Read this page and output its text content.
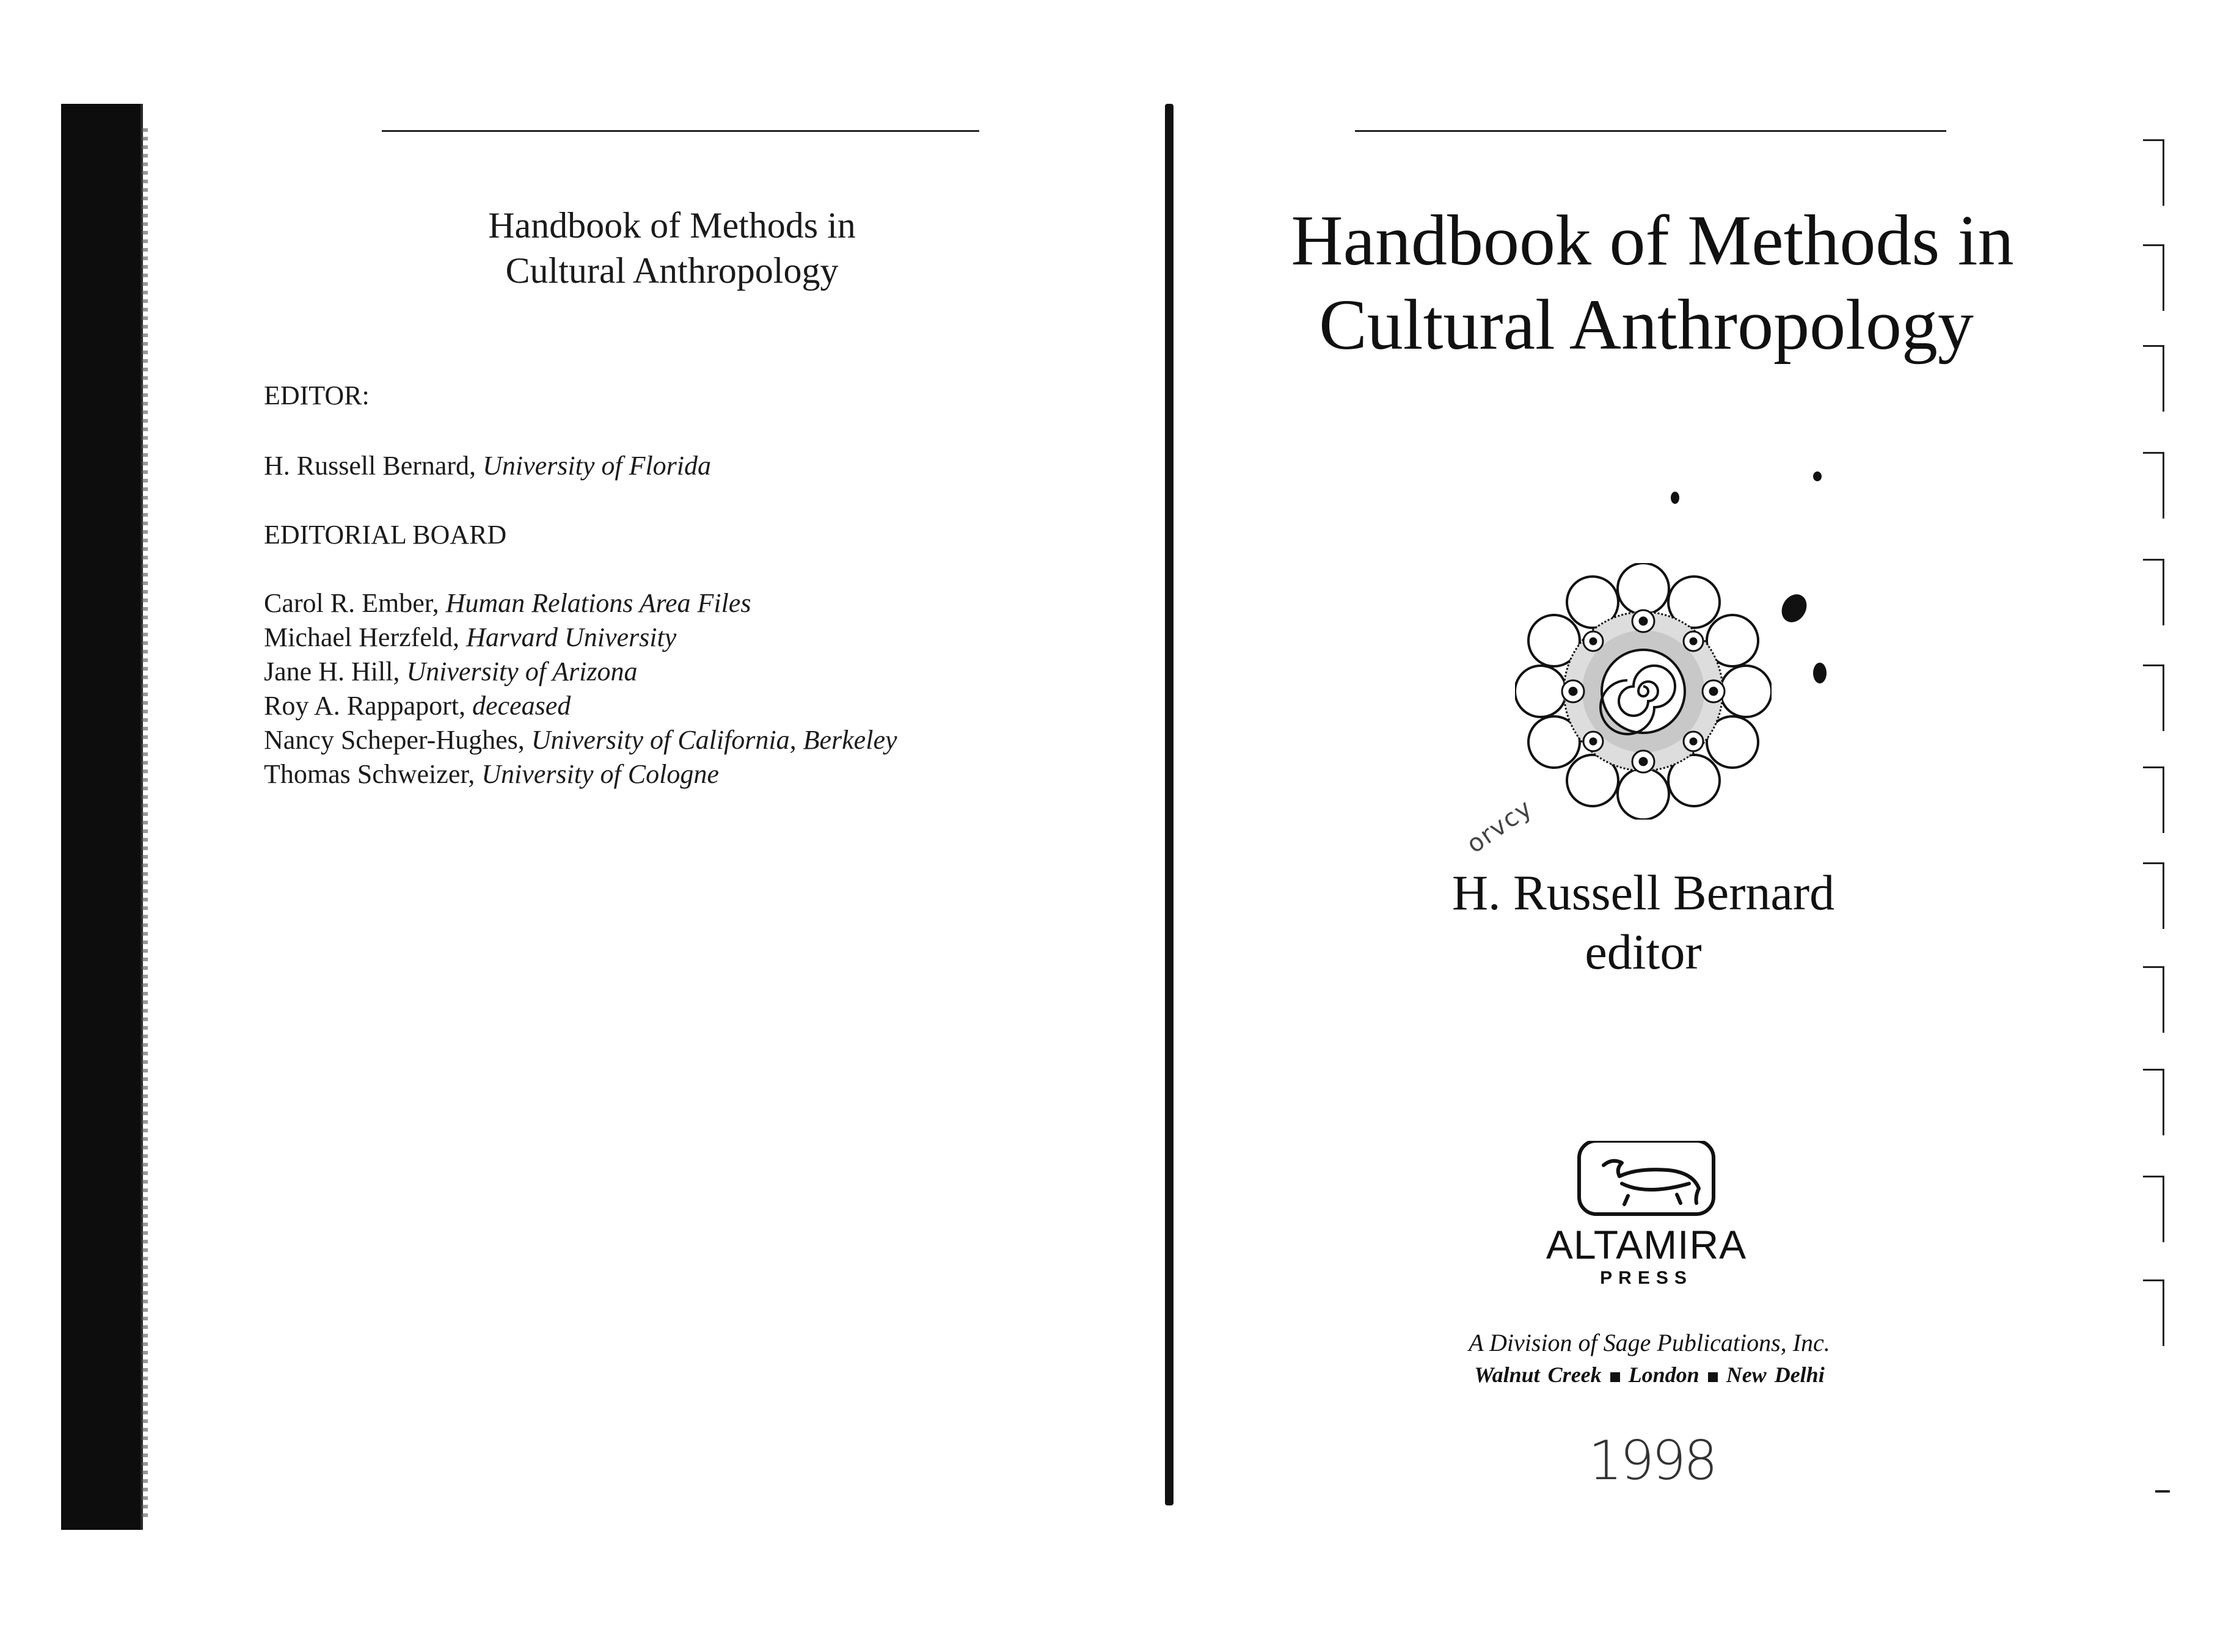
Handbook of Methods in
Cultural Anthropology
EDITOR:
H. Russell Bernard, University of Florida
EDITORIAL BOARD
Carol R. Ember, Human Relations Area Files
Michael Herzfeld, Harvard University
Jane H. Hill, University of Arizona
Roy A. Rappaport, deceased
Nancy Scheper-Hughes, University of California, Berkeley
Thomas Schweizer, University of Cologne
Handbook of Methods in
Cultural Anthropology
orvcy
H. Russell Bernard
editor
ALTAMIRA
PRESS
A Division of Sage Publications, Inc.
Walnut Creek London New Delhi
1998
